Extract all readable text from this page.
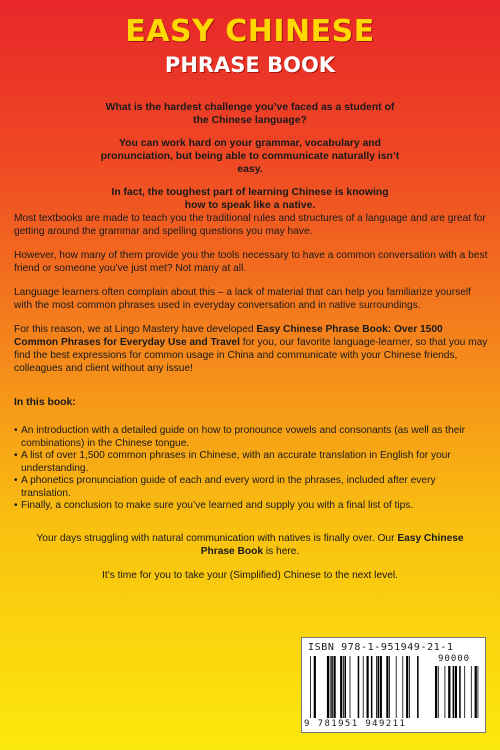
EASY CHINESE
PHRASE BOOK

What is the hardest challenge you’ve faced as a student of the Chinese language?

You can work hard on your grammar, vocabulary and pronunciation, but being able to communicate naturally isn’t easy.

In fact, the toughest part of learning Chinese is knowing how to speak like a native.

Most textbooks are made to teach you the traditional rules and structures of a language and are great for getting around the grammar and spelling questions you may have.

However, how many of them provide you the tools necessary to have a common conversation with a best friend or someone you’ve just met? Not many at all.

Language learners often complain about this – a lack of material that can help you familiarize yourself with the most common phrases used in everyday conversation and in native surroundings.

For this reason, we at Lingo Mastery have developed Easy Chinese Phrase Book: Over 1500 Common Phrases for Everyday Use and Travel for you, our favorite language-learner, so that you may find the best expressions for common usage in China and communicate with your Chinese friends, colleagues and client without any issue!

In this book:
• An introduction with a detailed guide on how to pronounce vowels and consonants (as well as their combinations) in the Chinese tongue.
• A list of over 1,500 common phrases in Chinese, with an accurate translation in English for your understanding.
• A phonetics pronunciation guide of each and every word in the phrases, included after every translation.
• Finally, a conclusion to make sure you’ve learned and supply you with a final list of tips.

Your days struggling with natural communication with natives is finally over. Our Easy Chinese Phrase Book is here.

It’s time for you to take your (Simplified) Chinese to the next level.

ISBN 978-1-951949-21-1
90000
9 781951 949211
